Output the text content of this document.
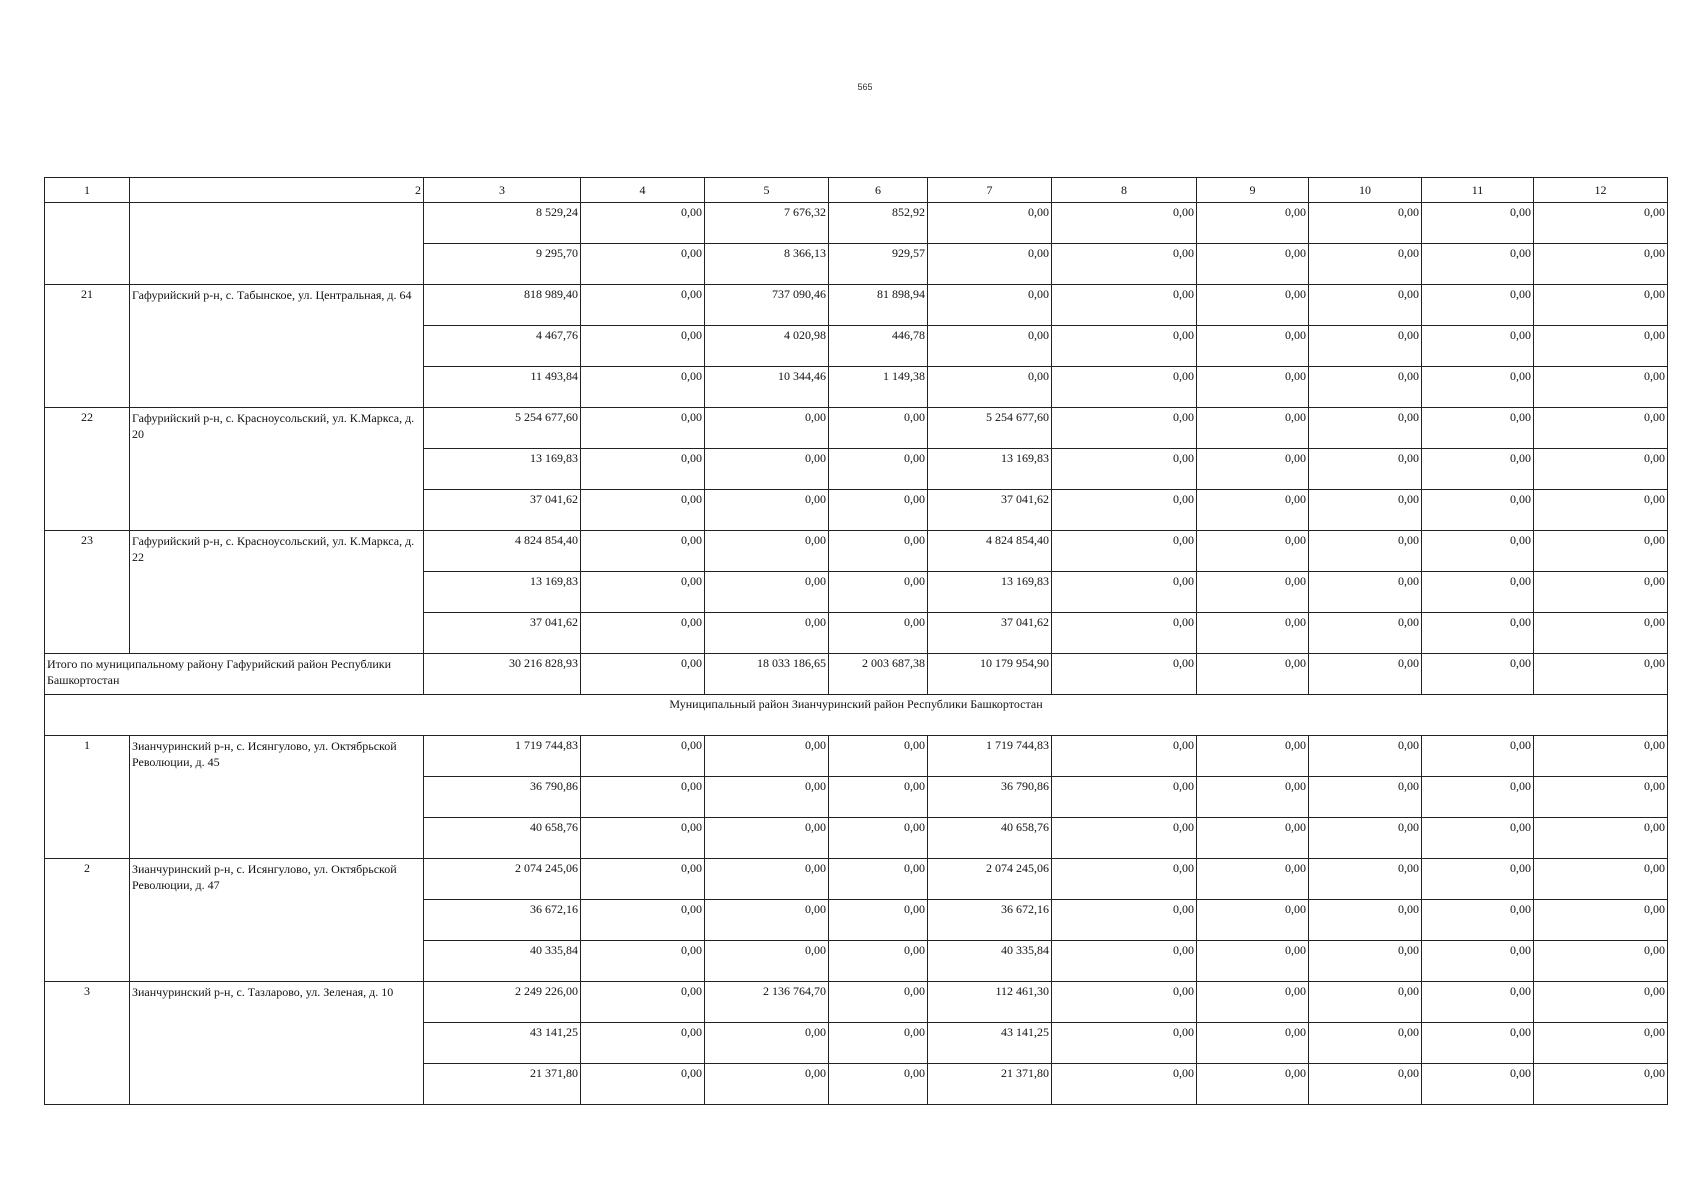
565
1	2	3	4	5	6	7	8	9	10	11	12
		8 529,24	0,00	7 676,32	852,92	0,00	0,00	0,00	0,00	0,00	0,00
		9 295,70	0,00	8 366,13	929,57	0,00	0,00	0,00	0,00	0,00	0,00
21	Гафурийский р-н, с. Табынское, ул. Центральная, д. 64	818 989,40	0,00	737 090,46	81 898,94	0,00	0,00	0,00	0,00	0,00	0,00
		4 467,76	0,00	4 020,98	446,78	0,00	0,00	0,00	0,00	0,00	0,00
		11 493,84	0,00	10 344,46	1 149,38	0,00	0,00	0,00	0,00	0,00	0,00
22	Гафурийский р-н, с. Красноусольский, ул. К.Маркса, д. 20	5 254 677,60	0,00	0,00	0,00	5 254 677,60	0,00	0,00	0,00	0,00	0,00
		13 169,83	0,00	0,00	0,00	13 169,83	0,00	0,00	0,00	0,00	0,00
		37 041,62	0,00	0,00	0,00	37 041,62	0,00	0,00	0,00	0,00	0,00
23	Гафурийский р-н, с. Красноусольский, ул. К.Маркса, д. 22	4 824 854,40	0,00	0,00	0,00	4 824 854,40	0,00	0,00	0,00	0,00	0,00
		13 169,83	0,00	0,00	0,00	13 169,83	0,00	0,00	0,00	0,00	0,00
		37 041,62	0,00	0,00	0,00	37 041,62	0,00	0,00	0,00	0,00	0,00
Итого по муниципальному району Гафурийский район Республики Башкортостан		30 216 828,93	0,00	18 033 186,65	2 003 687,38	10 179 954,90	0,00	0,00	0,00	0,00	0,00
Муниципальный район Зианчуринский район Республики Башкортостан											
1	Зианчуринский р-н, с. Исянгулово, ул. Октябрьской Революции, д. 45	1 719 744,83	0,00	0,00	0,00	1 719 744,83	0,00	0,00	0,00	0,00	0,00
		36 790,86	0,00	0,00	0,00	36 790,86	0,00	0,00	0,00	0,00	0,00
		40 658,76	0,00	0,00	0,00	40 658,76	0,00	0,00	0,00	0,00	0,00
2	Зианчуринский р-н, с. Исянгулово, ул. Октябрьской Революции, д. 47	2 074 245,06	0,00	0,00	0,00	2 074 245,06	0,00	0,00	0,00	0,00	0,00
		36 672,16	0,00	0,00	0,00	36 672,16	0,00	0,00	0,00	0,00	0,00
		40 335,84	0,00	0,00	0,00	40 335,84	0,00	0,00	0,00	0,00	0,00
3	Зианчуринский р-н, с. Тазларово, ул. Зеленая, д. 10	2 249 226,00	0,00	2 136 764,70	0,00	112 461,30	0,00	0,00	0,00	0,00	0,00
		43 141,25	0,00	0,00	0,00	43 141,25	0,00	0,00	0,00	0,00	0,00
		21 371,80	0,00	0,00	0,00	21 371,80	0,00	0,00	0,00	0,00	0,00
